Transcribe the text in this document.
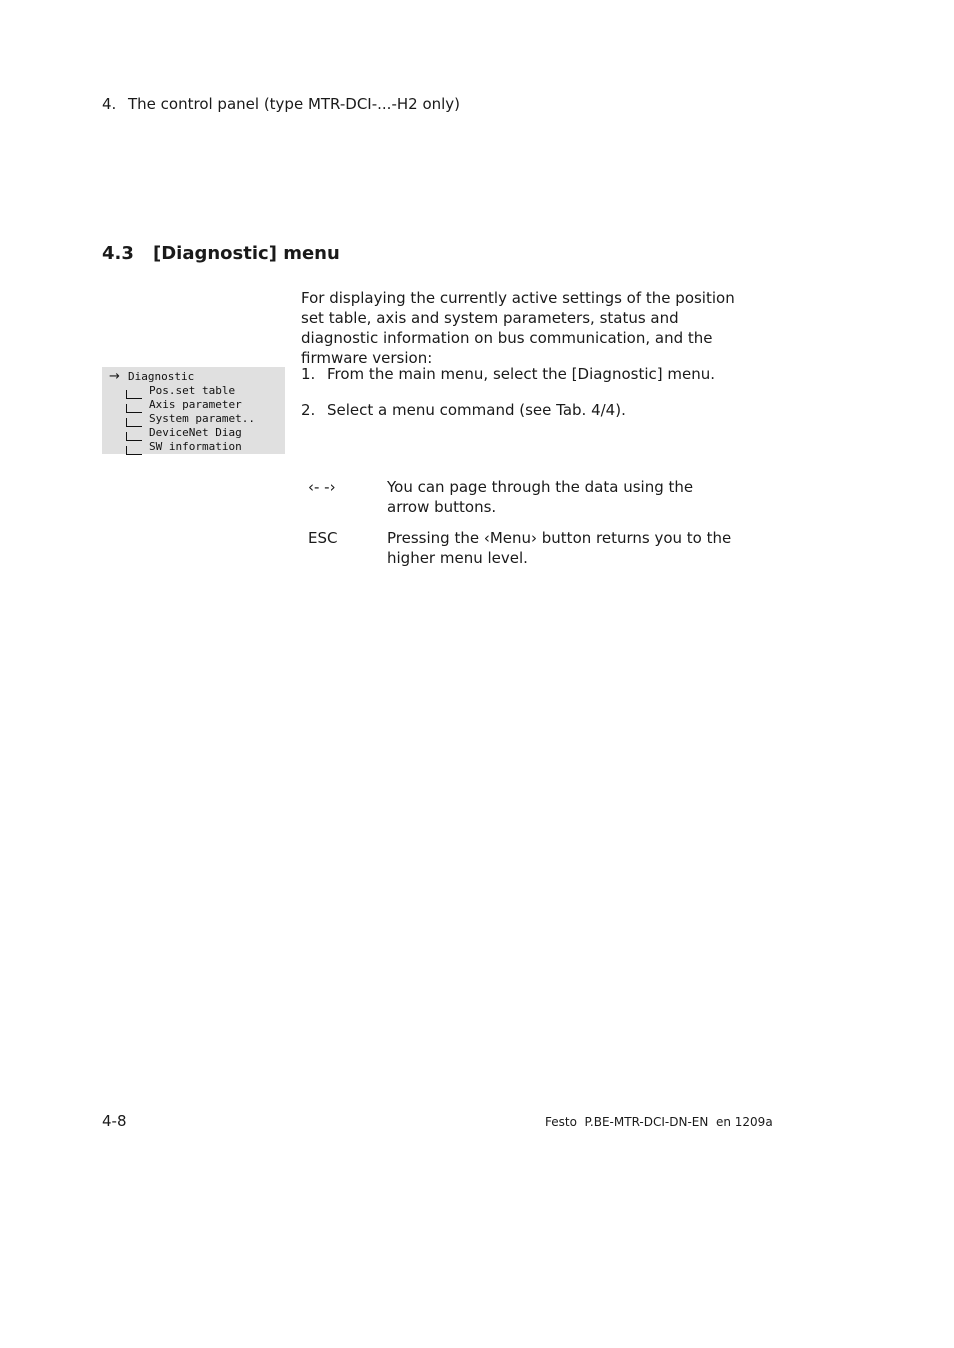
4. The control panel (type MTR-DCI-...-H2 only)
4.3 [Diagnostic] menu
For displaying the currently active settings of the position set table, axis and system parameters, status and diagnostic information on bus communication, and the firmware version:
→ Diagnostic
Pos.set table
Axis parameter
System paramet..
DeviceNet Diag
SW information
1. From the main menu, select the [Diagnostic] menu.
2. Select a menu command (see Tab. 4/4).
‹- -›	You can page through the data using the arrow buttons.
ESC	Pressing the ‹Menu› button returns you to the higher menu level.
4-8	Festo  P.BE-MTR-DCI-DN-EN  en 1209a
